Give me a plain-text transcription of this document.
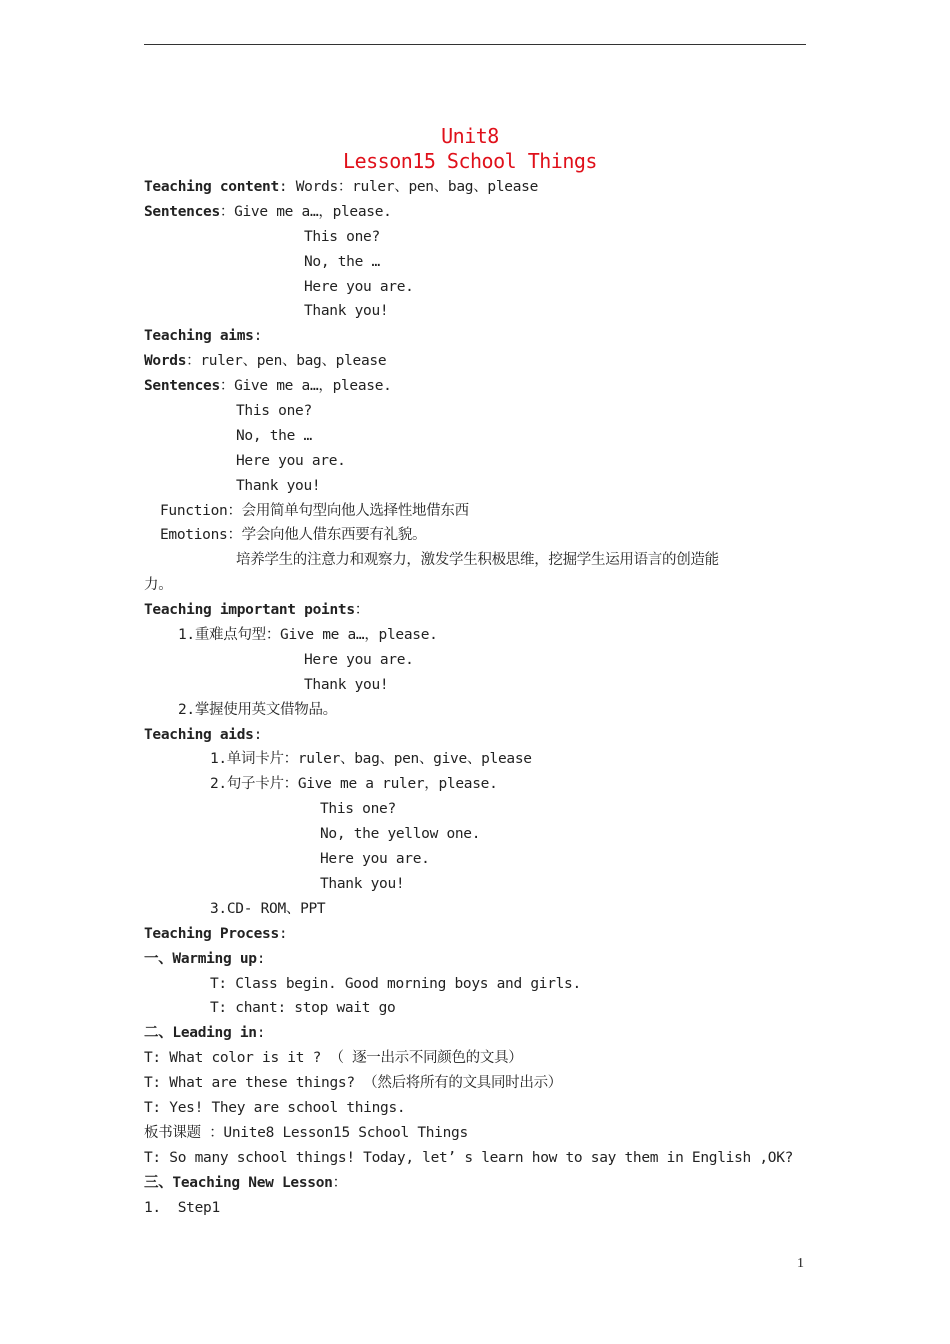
Unit8
Lesson15 School Things
Teaching content: Words：ruler、pen、bag、please
Sentences：Give me a…，please.
This one?
No, the …
Here you are.
Thank you!
Teaching aims:
Words：ruler、pen、bag、please
Sentences：Give me a…，please.
This one?
No, the …
Here you are.
Thank you!
Function：会用简单句型向他人选择性地借东西
Emotions：学会向他人借东西要有礼貌。
培养学生的注意力和观察力，激发学生积极思维，挖掘学生运用语言的创造能
力。
Teaching important points：
1.重难点句型：Give me a…，please.
Here you are.
Thank you!
2.掌握使用英文借物品。
Teaching aids:
1.单词卡片：ruler、bag、pen、give、please
2.句子卡片：Give me a ruler，please.
This one?
No, the yellow one.
Here you are.
Thank you!
3.CD- ROM、PPT
Teaching Process:
一、Warming up:
T: Class begin. Good morning boys and girls.
T: chant: stop wait go
二、Leading in:
T: What color is it ? （ 逐一出示不同颜色的文具）
T: What are these things? （然后将所有的文具同时出示）
T: Yes! They are school things.
板书课题 ：Unite8 Lesson15 School Things
T: So many school things! Today, let’ s learn how to say them in English ,OK?
三、Teaching New Lesson：
1.  Step1
1
